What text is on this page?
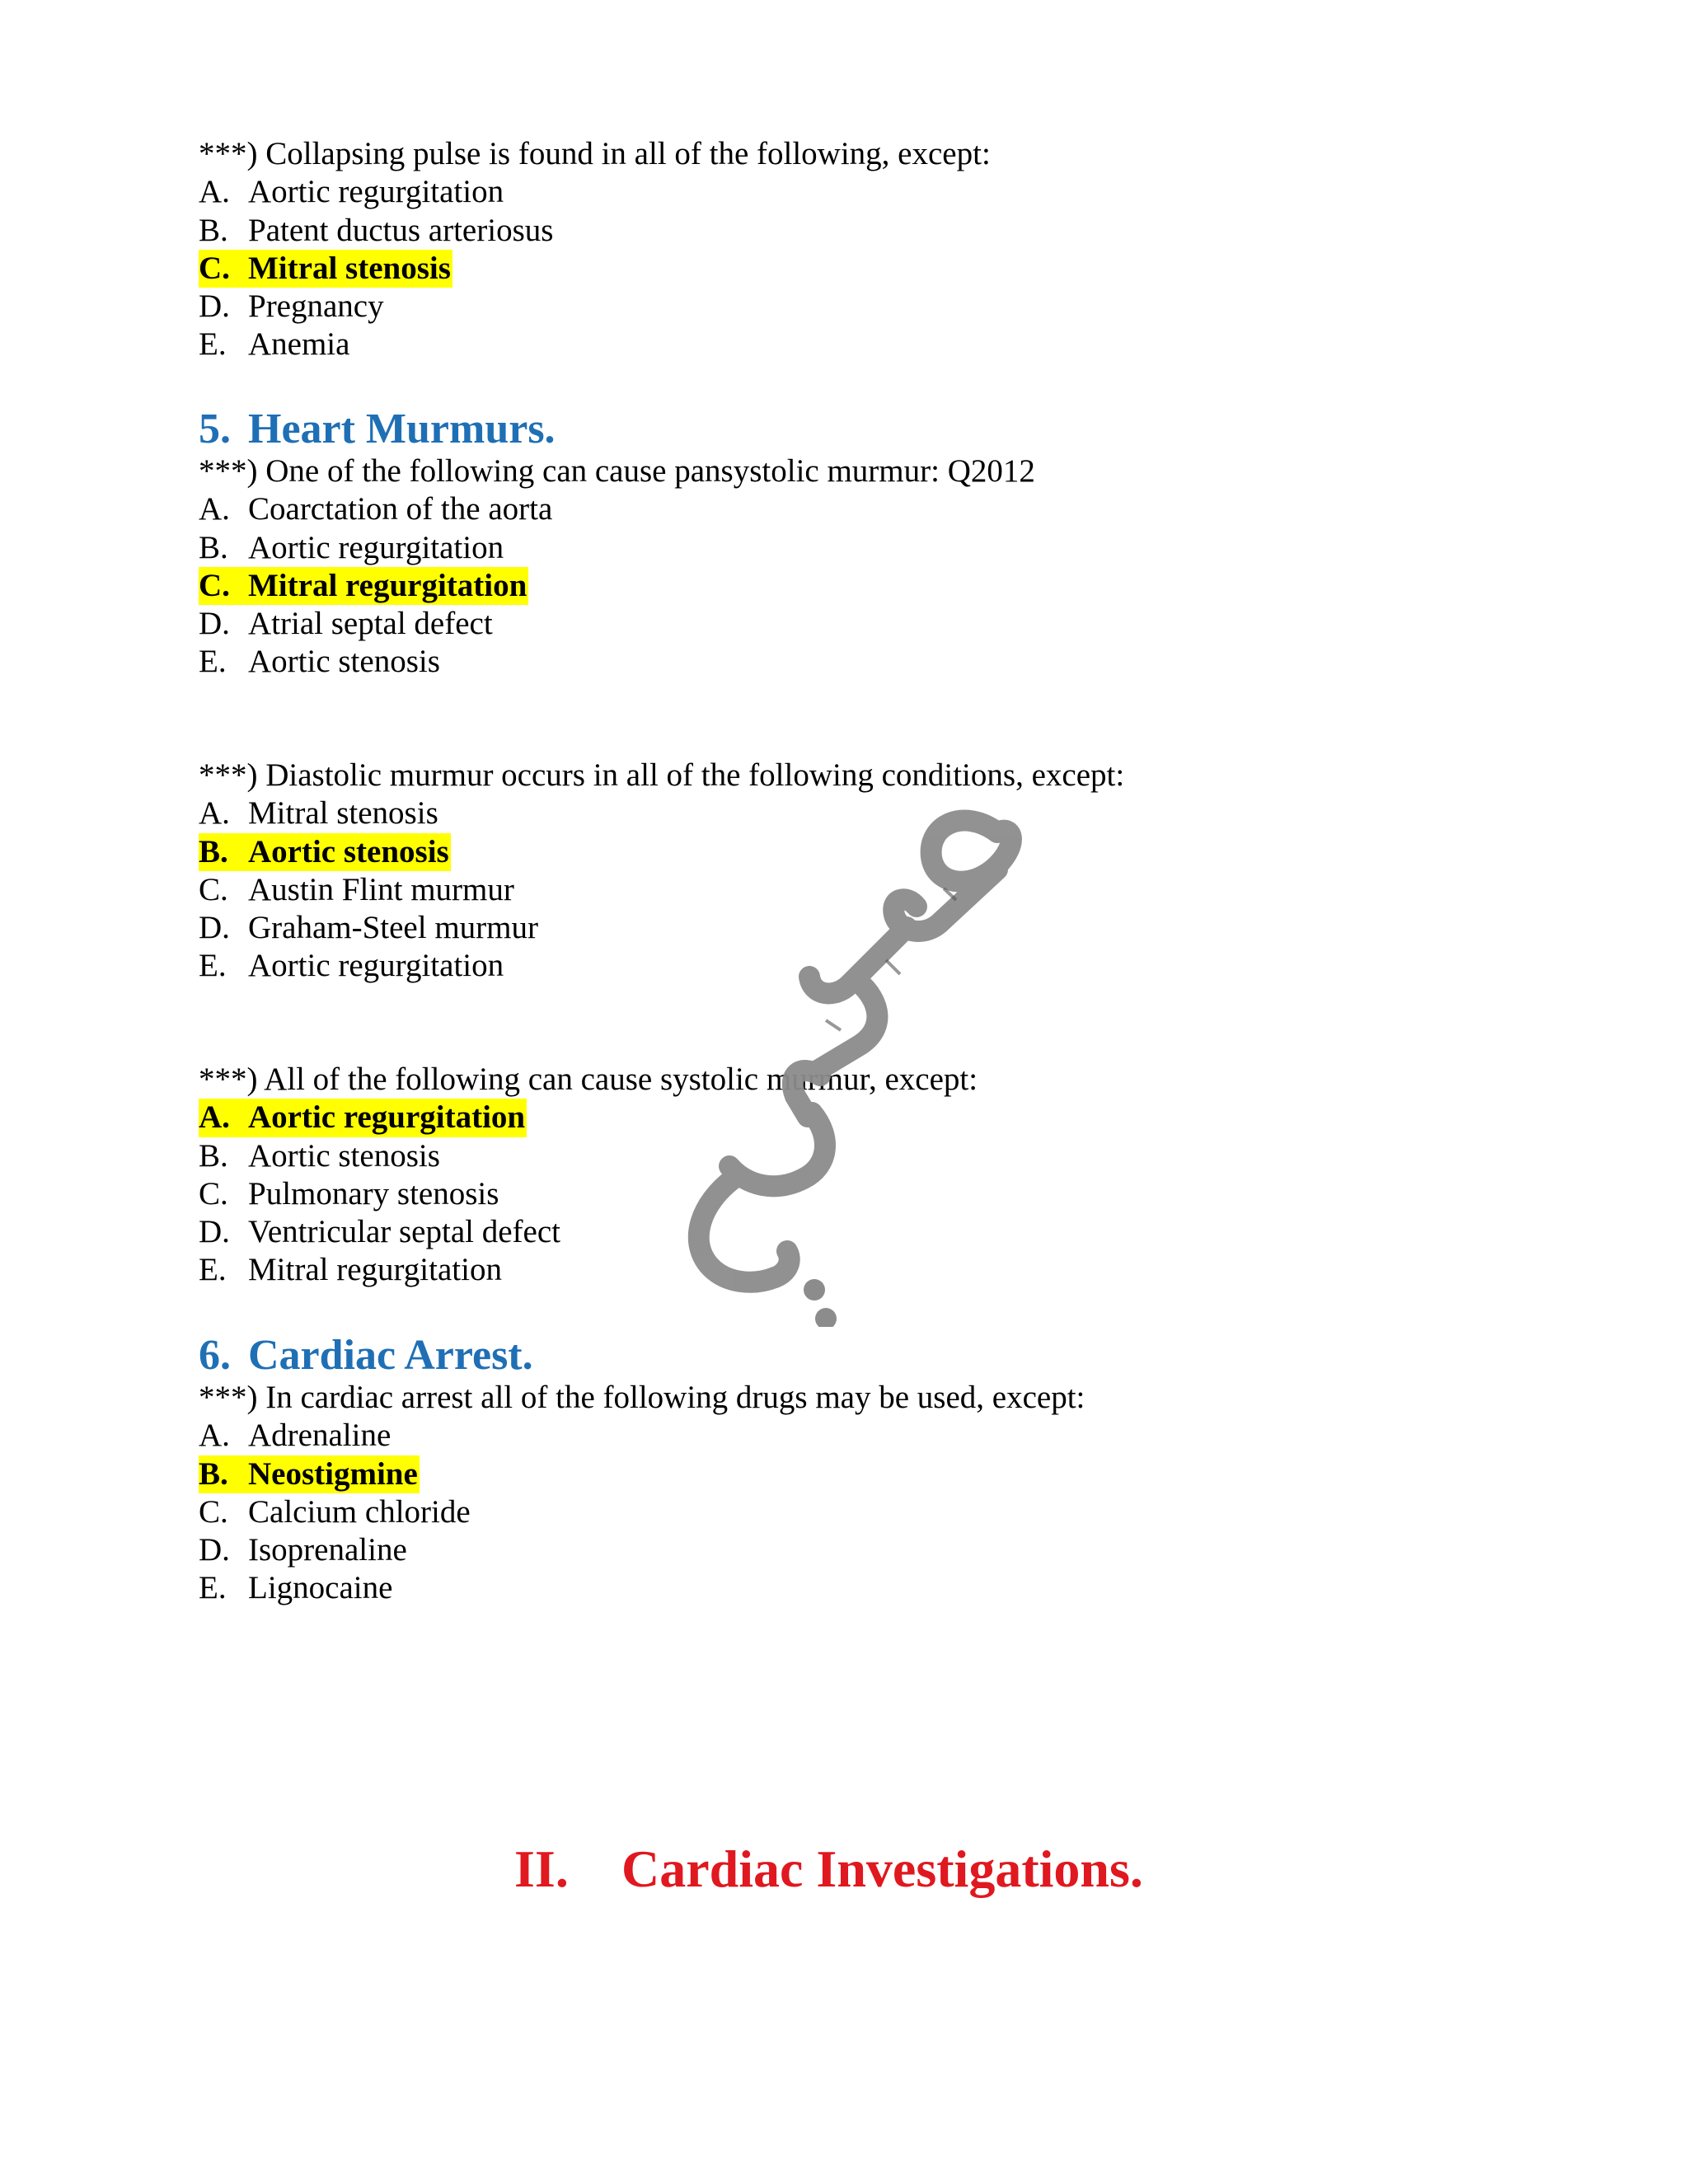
***) Collapsing pulse is found in all of the following, except:
A. Aortic regurgitation
B. Patent ductus arteriosus
C. Mitral stenosis
D. Pregnancy
E. Anemia
5. Heart Murmurs.
***) One of the following can cause pansystolic murmur: Q2012
A. Coarctation of the aorta
B. Aortic regurgitation
C. Mitral regurgitation
D. Atrial septal defect
E. Aortic stenosis
***) Diastolic murmur occurs in all of the following conditions, except:
A. Mitral stenosis
B. Aortic stenosis
C. Austin Flint murmur
D. Graham-Steel murmur
E. Aortic regurgitation
***) All of the following can cause systolic murmur, except:
A. Aortic regurgitation
B. Aortic stenosis
C. Pulmonary stenosis
D. Ventricular septal defect
E. Mitral regurgitation
6. Cardiac Arrest.
***) In cardiac arrest all of the following drugs may be used, except:
A. Adrenaline
B. Neostigmine
C. Calcium chloride
D. Isoprenaline
E. Lignocaine
II. Cardiac Investigations.
